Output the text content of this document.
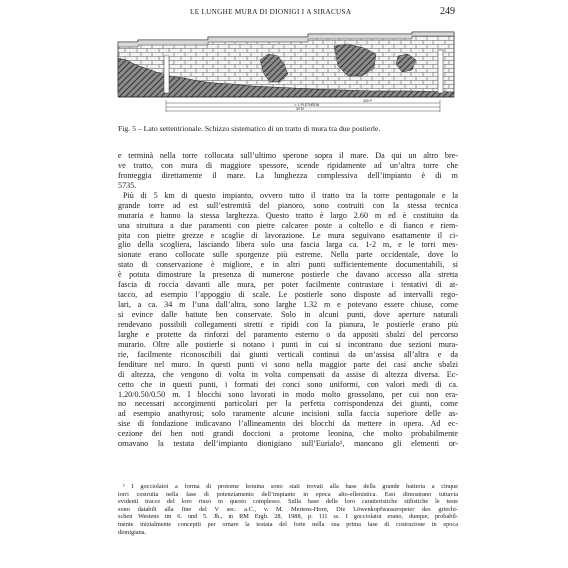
LE LUNGHE MURA DI DIONIGI I A SIRACUSA	249
400 P.
≃ 1 PLETHRON
34 M
Fig. 5 – Lato settentrionale. Schizzo sistematico di un tratto di mura tra due postierle.
e terminà nella torre collocata sull’ultimo sperone sopra il mare. Da qui un altro bre-
ve tratto, con mura di maggiore spessore, scende ripidamente ad un’altra torre che
fronteggia direttamente il mare. La lunghezza complessiva dell’impianto è di m
5735.
Più di 5 km di questo impianto, ovvero tutto il tratto tra la torre pentagonale e la
grande torre ad est sull’estremità del pianoro, sono costruiti con la stessa tecnica
muraria e hanno la stessa larghezza. Questo tratto è largo 2.60 m ed è costituito da
una struttura a due paramenti con pietre calcaree poste a coltello e di fianco e riem-
pita con pietre grezze e scaglie di lavorazione. Le mura seguivano esattamente il ci-
glio della scogliera, lasciando libera solo una fascia larga ca. 1-2 m, e le torri mes-
sionate erano collocate sulle sporgenze più estreme. Nella parte occidentale, dove lo
stato di conservazione è migliore, e in altri punti sufficientemente documentabili, si
è potuta dimostrare la presenza di numerose postierle che davano accesso alla stretta
fascia di roccia davanti alle mura, per poter facilmente contrastare i tentativi di at-
tacco, ad esempio l’appoggio di scale. Le postierle sono disposte ad intervalli rego-
lari, a ca. 34 m l’una dall’altra, sono larghe 1.32 m e potevano essere chiuse, come
si evince dalle battute ben conservate. Solo in alcuni punti, dove aperture naturali
rendevano possibili collegamenti stretti e ripidi con la pianura, le postierle erano più
larghe e protette da rinforzi del paramento esterno o da appositi sbalzi del percorso
murario. Oltre alle postierle si notano i punti in cui si incontrano due sezioni mura-
rie, facilmente riconoscibili dai giunti verticali continui da un’assisa all’altra e da
fenditure nel muro. In questi punti vi sono nella maggior parte dei casi anche sbalzi
di altezza, che vengono di volta in volta compensati da assise di altezza diversa. Ec-
cetto che in questi punti, i formati dei conci sono uniformi, con valori medi di ca.
1.20/0.50/0.50 m. I blocchi sono lavorati in modo molto grossolano, per cui non era-
no necessari accorgimenti particolari per la perfetta corrispondenza dei giunti, come
ad esempio anathyrosi; solo raramente alcune incisioni sulla faccia superiore delle as-
sise di fondazione indicavano l’allineamento dei blocchi da mettere in opera. Ad ec-
cezione dei ben noti grandi doccioni a protome leonina, che molto probabilmente
ornavano la testata dell’impianto dionigiano sull’Eurialo¹, mancano gli elementi or-
¹ I gocciolatoi a forma di protome leonina sono stati trovati alla base della grande batteria a cinque
torri costruita nella fase di potenziamento dell’impianto in epoca alto-ellenistica. Essi dimostrano tuttavia
evidenti tracce del loro riuso in questo complesso. Sulla base delle loro caratteristiche stilistiche le teste
sono databili alla fine del V sec. a.C., v. M. Mertens-Horn, Die Löwenkopfwasserspeier des griechi-
schen Westens im 6. und 5. Jh., in RM Ergh. 28, 1988, p. 111 ss. I gocciolatoi erano, dunque, probabil-
mente inizialmente concepiti per ornare la testata del forte nella sua prima fase di costruzione in epoca
dionigiana.
